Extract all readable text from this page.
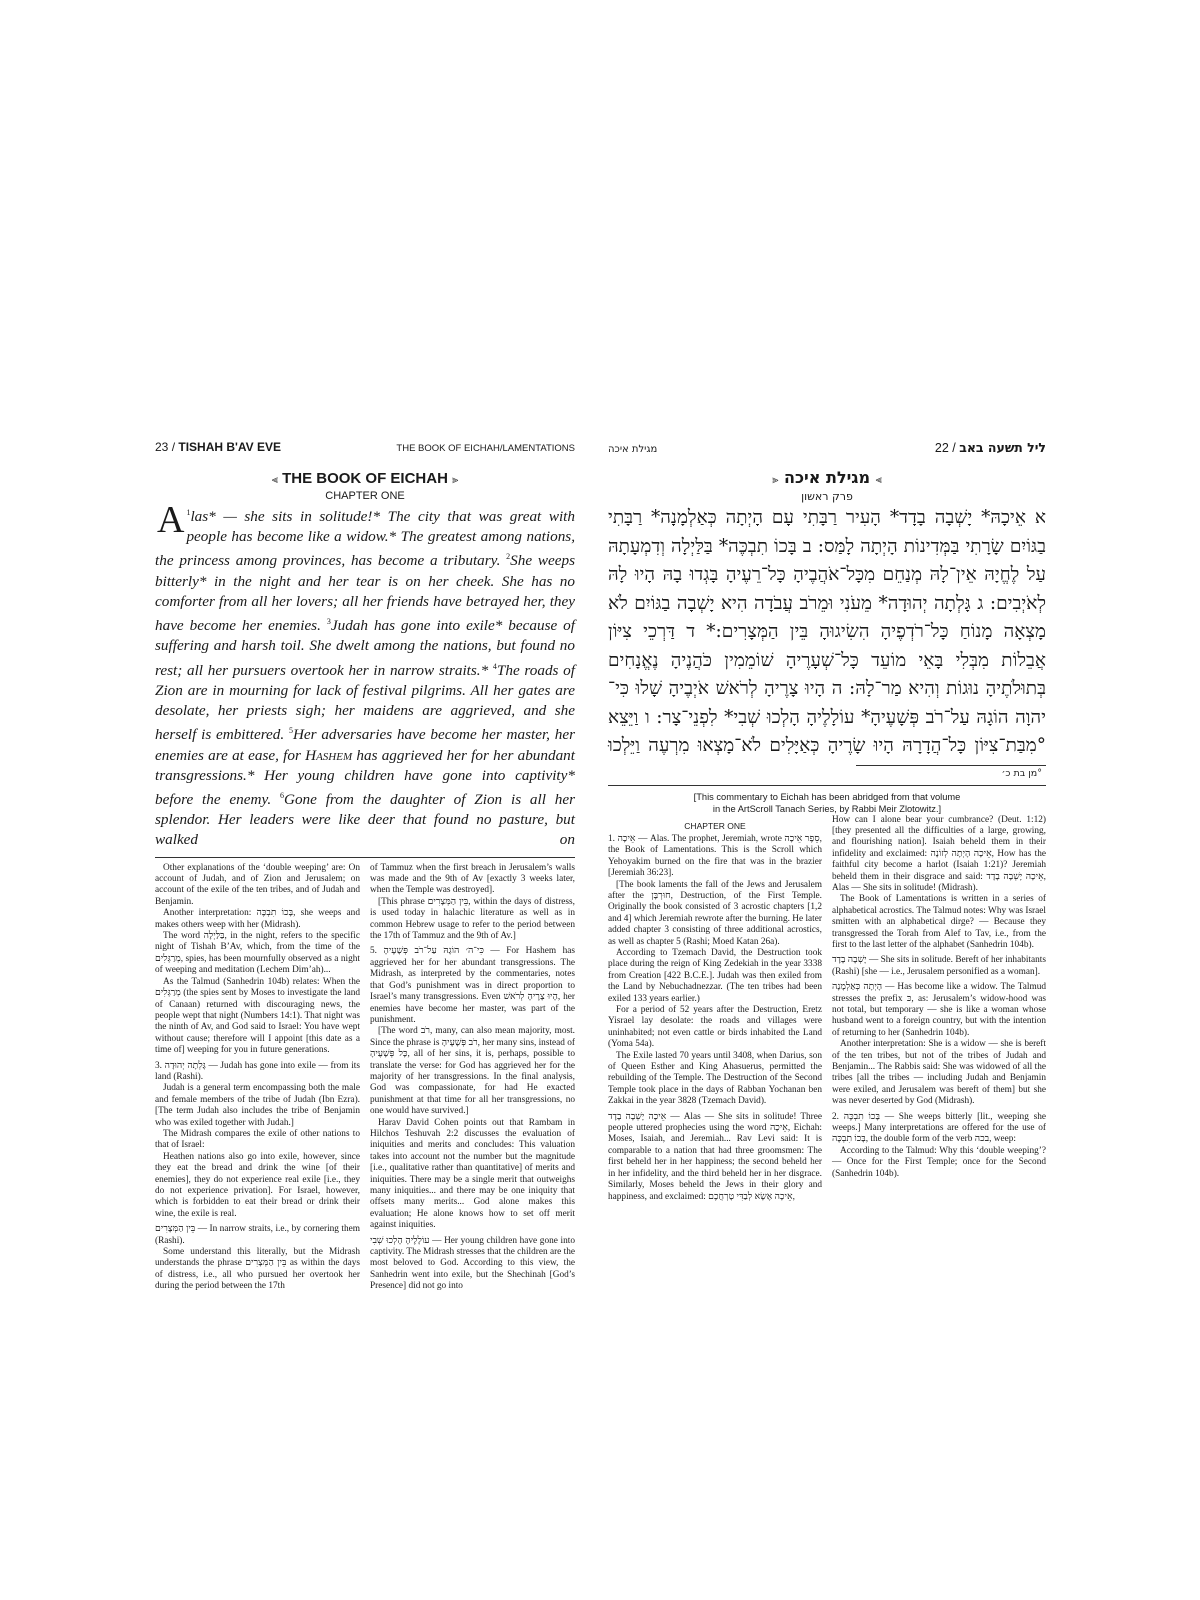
23 / TISHAH B'AV EVE	THE BOOK OF EICHAH/LAMENTATIONS
⫷ THE BOOK OF EICHAH ⫸
CHAPTER ONE
$^1$
A las* — she sits in solitude!* The city that was great with people has become like a widow.* The greatest among nations, the princess among provinces, has become a tributary. $^2$She weeps bitterly* in the night and her tear is on her cheek. She has no comforter from all her lovers; all her friends have betrayed her, they have become her enemies. $^3$Judah has gone into exile* because of suffering and harsh toil. She dwelt among the nations, but found no rest; all her pursuers overtook her in narrow straits.* $^4$The roads of Zion are in mourning for lack of festival pilgrims. All her gates are desolate, her priests sigh; her maidens are aggrieved, and she herself is embittered. $^5$Her adversaries have become her master, her enemies are at ease, for Hashem has aggrieved her for her abundant transgressions.* Her young children have gone into captivity* before the enemy. $^6$Gone from the daughter of Zion is all her splendor. Her leaders were like deer that found no pasture, but walked on

Other explanations of the ‘double weeping’ are: On account of Judah, and of Zion and Jerusalem; on account of the exile of the ten tribes, and of Judah and Benjamin.

Another interpretation: בָּכוֹ תִבְכֶּה, she weeps and makes others weep with her (Midrash).

The word בַּלַּיְלָה, in the night, refers to the specific night of Tishah B’Av, which, from the time of the מְרַגְּלִים, spies, has been mournfully observed as a night of weeping and meditation (Lechem Dim’ah)...

As the Talmud (Sanhedrin 104b) relates: When the מְרַגְּלִים (the spies sent by Moses to investigate the land of Canaan) returned with discouraging news, the people wept that night (Numbers 14:1). That night was the ninth of Av, and God said to Israel: You have wept without cause; therefore will I appoint [this date as a time of] weeping for you in future generations.

3. גָּלְתָה יְהוּדָה — Judah has gone into exile — from its land (Rashi).

Judah is a general term encompassing both the male and female members of the tribe of Judah (Ibn Ezra). [The term Judah also includes the tribe of Benjamin who was exiled together with Judah.]

The Midrash compares the exile of other nations to that of Israel:

Heathen nations also go into exile, however, since they eat the bread and drink the wine [of their enemies], they do not experience real exile [i.e., they do not experience privation]. For Israel, however, which is forbidden to eat their bread or drink their wine, the exile is real.

בֵּין הַמְּצָרִים — In narrow straits, i.e., by cornering them (Rashi).

Some understand this literally, but the Midrash understands the phrase בֵּין הַמְּצָרִים as within the days of distress, i.e., all who pursued her overtook her during the period between the 17th

of Tammuz when the first breach in Jerusalem’s walls was made and the 9th of Av [exactly 3 weeks later, when the Temple was destroyed].

[This phrase בֵּין הַמְּצָרִים, within the days of distress, is used today in halachic literature as well as in common Hebrew usage to refer to the period between the 17th of Tammuz and the 9th of Av.]

5. כִּי־ה׳ הוֹגָהּ עַל־רֹב פְּשָׁעֶיהָ — For Hashem has aggrieved her for her abundant transgressions. The Midrash, as interpreted by the commentaries, notes that God’s punishment was in direct proportion to Israel’s many transgressions. Even הָיוּ צָרֶיהָ לְרֹאשׁ, her enemies have become her master, was part of the punishment.

[The word רֹב, many, can also mean majority, most. Since the phrase is רֹב פְּשָׁעֶיהָ, her many sins, instead of כָּל פְּשָׁעֶיהָ, all of her sins, it is, perhaps, possible to translate the verse: for God has aggrieved her for the majority of her transgressions. In the final analysis, God was compassionate, for had He exacted punishment at that time for all her transgressions, no one would have survived.]

Harav David Cohen points out that Rambam in Hilchos Teshuvah 2:2 discusses the evaluation of iniquities and merits and concludes: This valuation takes into account not the number but the magnitude [i.e., qualitative rather than quantitative] of merits and iniquities. There may be a single merit that outweighs many iniquities... and there may be one iniquity that offsets many merits... God alone makes this evaluation; He alone knows how to set off merit against iniquities.

עוֹלָלֶיהָ הָלְכוּ שְׁבִי — Her young children have gone into captivity. The Midrash stresses that the children are the most beloved to God. According to this view, the Sanhedrin went into exile, but the Shechinah [God’s Presence] did not go into

מגילת איכה	22 / ליל תשעה באב
⫸ מגילת איכה ⫷
פרק ראשון
א אֵיכָהּ* יָשְׁבָה בָדָד* הָעִיר רַבָּתִי עָם הָיְתָה כְּאַלְמָנָה* רַבָּתִי
בַגּוֹיִם שָׂרָתִי בַּמְּדִינוֹת הָיְתָה לָמַּס: ב בָּכוֹ תִבְכֶּה* בַּלַּיְלָה וְדִמְעָתָהּ
עַל לֶחֱיָהּ אֵין־לָהּ מְנַחֵם מִכָּל־אֹהֲבֶיהָ כָּל־רֵעֶיהָ בָּגְדוּ בָהּ הָיוּ לָהּ
לְאֹיְבִים: ג גָּלְתָה יְהוּדָה* מֵעֹנִי וּמֵרֹב עֲבֹדָה הִיא יָשְׁבָה בַגּוֹיִם לֹא
מָצְאָה מָנוֹחַ כָּל־רֹדְפֶיהָ הִשִׂיגוּהָ בֵּין הַמְּצָרִים:* ד דַּרְכֵי צִיּוֹן
אֲבֵלוֹת מִבְּלִי בָּאֵי מוֹעֵד כָּל־שְׁעָרֶיהָ שׁוֹמֵמִין כֹּהֲנֶיהָ נֶאֱנָחִים
בְּתוּלֹתֶיהָ נוּגוֹת וְהִיא מַר־לָהּ: ה הָיוּ צָרֶיהָ לְרֹאשׁ אֹיְבֶיהָ שָׁלוּ כִּי־
יהוָה הוֹגָהּ עַל־רֹב פְּשָׁעֶיהָ* עוֹלָלֶיהָ הָלְכוּ שְׁבִי* לִפְנֵי־צָר: ו וַיֵּצֵא
°מִבַּת־צִיּוֹן כָּל־הֲדָרָהּ הָיוּ שָׂרֶיהָ כְּאַיָּלִים לֹא־מָצְאוּ מִרְעֶה וַיֵּלְכוּ
°מן בת כ׳
[This commentary to Eichah has been abridged from that volume
in the ArtScroll Tanach Series, by Rabbi Meir Zlotowitz.]

CHAPTER ONE

1. אֵיכָה — Alas. The prophet, Jeremiah, wrote סֵפֶר אֵיכָה, the Book of Lamentations. This is the Scroll which Yehoyakim burned on the fire that was in the brazier [Jeremiah 36:23].

[The book laments the fall of the Jews and Jerusalem after the חוּרְבָּן, Destruction, of the First Temple. Originally the book consisted of 3 acrostic chapters [1,2 and 4] which Jeremiah rewrote after the burning. He later added chapter 3 consisting of three additional acrostics, as well as chapter 5 (Rashi; Moed Katan 26a).

According to Tzemach David, the Destruction took place during the reign of King Zedekiah in the year 3338 from Creation [422 B.C.E.]. Judah was then exiled from the Land by Nebuchadnezzar. (The ten tribes had been exiled 133 years earlier.)

For a period of 52 years after the Destruction, Eretz Yisrael lay desolate: the roads and villages were uninhabited; not even cattle or birds inhabited the Land (Yoma 54a).

The Exile lasted 70 years until 3408, when Darius, son of Queen Esther and King Ahasuerus, permitted the rebuilding of the Temple. The Destruction of the Second Temple took place in the days of Rabban Yochanan ben Zakkai in the year 3828 (Tzemach David).

אֵיכָה יָשְׁבָה בָדָד — Alas — She sits in solitude! Three people uttered prophecies using the word אֵיכָה, Eichah: Moses, Isaiah, and Jeremiah... Rav Levi said: It is comparable to a nation that had three groomsmen: The first beheld her in her happiness; the second beheld her in her infidelity, and the third beheld her in her disgrace. Similarly, Moses beheld the Jews in their glory and happiness, and exclaimed: אֵיכָה אֶשָׂא לְבַדִּי טָרְחֲכֶם,

How can I alone bear your cumbrance? (Deut. 1:12) [they presented all the difficulties of a large, growing, and flourishing nation]. Isaiah beheld them in their infidelity and exclaimed: אֵיכָה הָיְתָה לְזוֹנָה, How has the faithful city become a harlot (Isaiah 1:21)? Jeremiah beheld them in their disgrace and said: אֵיכָה יָשְׁבָה בָדָד, Alas — She sits in solitude! (Midrash).

The Book of Lamentations is written in a series of alphabetical acrostics. The Talmud notes: Why was Israel smitten with an alphabetical dirge? — Because they transgressed the Torah from Alef to Tav, i.e., from the first to the last letter of the alphabet (Sanhedrin 104b).

יָשְׁבָה בָדָד — She sits in solitude. Bereft of her inhabitants (Rashi) [she — i.e., Jerusalem personified as a woman].

הָיְתָה כְּאַלְמָנָה — Has become like a widow. The Talmud stresses the prefix כּ, as: Jerusalem’s widow-hood was not total, but temporary — she is like a woman whose husband went to a foreign country, but with the intention of returning to her (Sanhedrin 104b).

Another interpretation: She is a widow — she is bereft of the ten tribes, but not of the tribes of Judah and Benjamin... The Rabbis said: She was widowed of all the tribes [all the tribes — including Judah and Benjamin were exiled, and Jerusalem was bereft of them] but she was never deserted by God (Midrash).

2. בָּכוֹ תִבְכֶּה — She weeps bitterly [lit., weeping she weeps.] Many interpretations are offered for the use of בָּכוֹ תִבְכֶּה, the double form of the verb בכה, weep:

According to the Talmud: Why this ‘double weeping’? — Once for the First Temple; once for the Second (Sanhedrin 104b).
